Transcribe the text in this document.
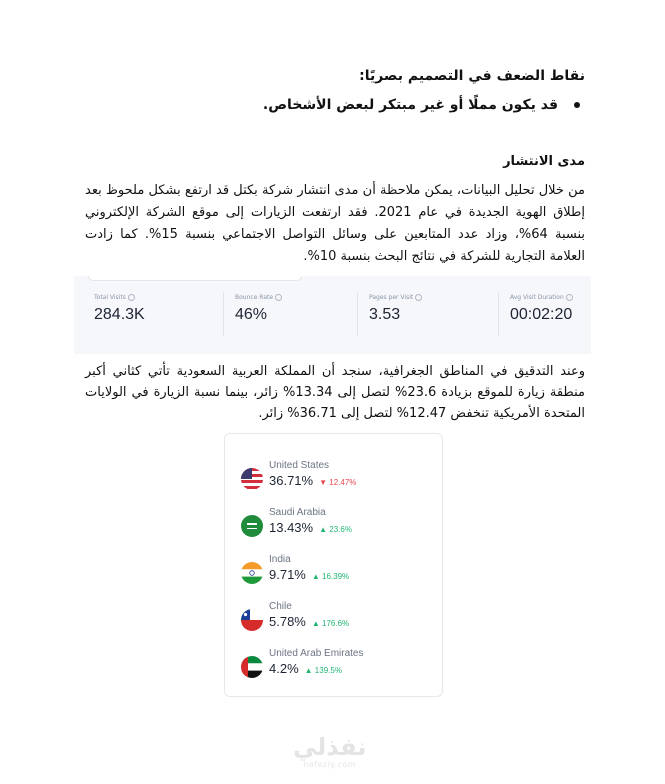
نقاط الضعف في التصميم بصريًا:
قد يكون مملًا أو غير مبتكر لبعض الأشخاص.
مدى الانتشار
من خلال تحليل البيانات، يمكن ملاحظة أن مدى انتشار شركة بكتل قد ارتفع بشكل ملحوظ بعد إطلاق الهوية الجديدة في عام 2021. فقد ارتفعت الزيارات إلى موقع الشركة الإلكتروني بنسبة 64%، وزاد عدد المتابعين على وسائل التواصل الاجتماعي بنسبة 15%. كما زادت العلامة التجارية للشركة في نتائج البحث بنسبة 10%.
Total Visits
284.3K
Bounce Rate
46%
Pages per Visit
3.53
Avg Visit Duration
00:02:20
وعند التدقيق في المناطق الجغرافية، سنجد أن المملكة العربية السعودية تأتي كثاني أكبر منطقة زيارة للموقع بزيادة 23.6% لتصل إلى 13.34% زائر، بينما نسبة الزيارة في الولايات المتحدة الأمريكية تنخفض 12.47% لتصل إلى 36.71% زائر.
United States
36.71% ▼ 12.47%
Saudi Arabia
13.43% ▲ 23.6%
India
9.71% ▲ 16.39%
Chile
5.78% ▲ 176.6%
United Arab Emirates
4.2% ▲ 139.5%
نفذلي
nafezly.com
